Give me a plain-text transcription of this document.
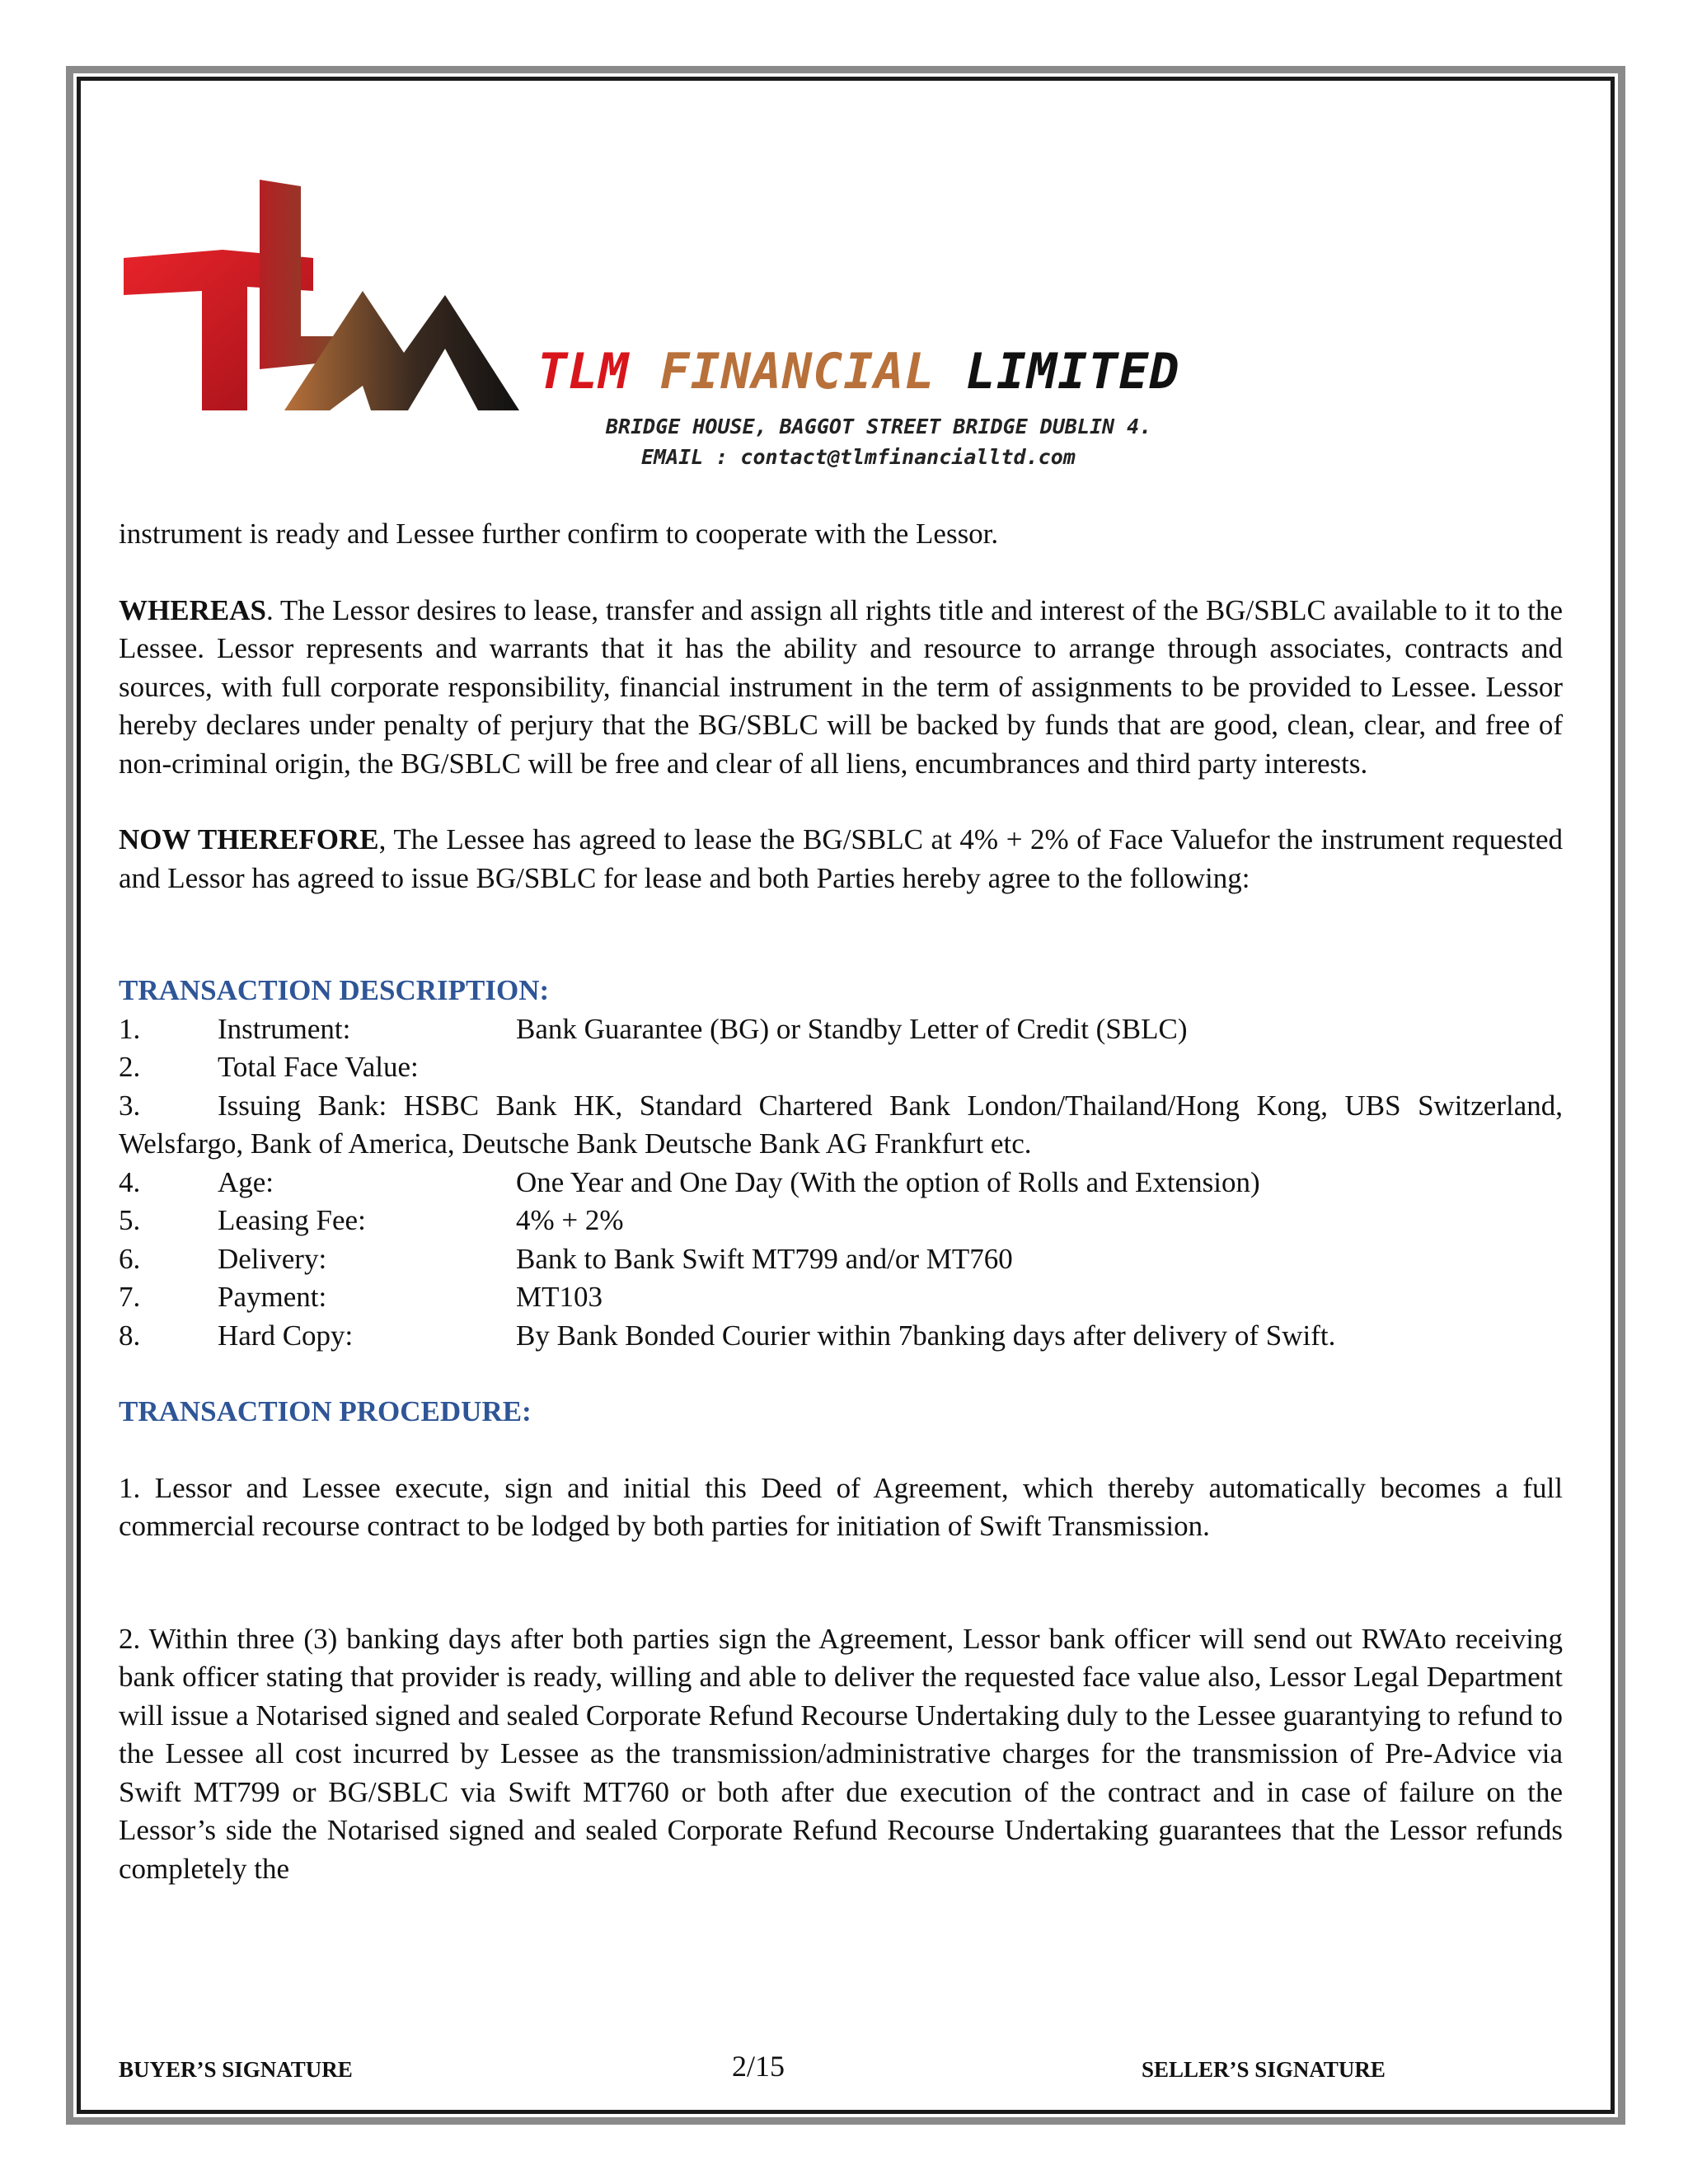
TLM FINANCIAL LIMITED
BRIDGE HOUSE, BAGGOT STREET BRIDGE DUBLIN 4.
EMAIL : contact@tlmfinancialltd.com

instrument is ready and Lessee further confirm to cooperate with the Lessor.

WHEREAS. The Lessor desires to lease, transfer and assign all rights title and interest of the BG/SBLC available to it to the Lessee. Lessor represents and warrants that it has the ability and resource to arrange through associates, contracts and sources, with full corporate responsibility, financial instrument in the term of assignments to be provided to Lessee. Lessor hereby declares under penalty of perjury that the BG/SBLC will be backed by funds that are good, clean, clear, and free of non-criminal origin, the BG/SBLC will be free and clear of all liens, encumbrances and third party interests.

NOW THEREFORE, The Lessee has agreed to lease the BG/SBLC at 4% + 2% of Face Valuefor the instrument requested and Lessor has agreed to issue BG/SBLC for lease and both Parties hereby agree to the following:

TRANSACTION DESCRIPTION:

1.	Instrument:	Bank Guarantee (BG) or Standby Letter of Credit (SBLC)
2.	Total Face Value:

3.	Issuing Bank: HSBC Bank HK, Standard Chartered Bank London/Thailand/Hong Kong, UBS Switzerland, Welsfargo, Bank of America, Deutsche Bank Deutsche Bank AG Frankfurt etc.

4.	Age:	One Year and One Day (With the option of Rolls and Extension)
5.	Leasing Fee:	4% + 2%
6.	Delivery:	Bank to Bank Swift MT799 and/or MT760
7.	Payment:	MT103
8.	Hard Copy:	By Bank Bonded Courier within 7banking days after delivery of Swift.

TRANSACTION PROCEDURE:

1. Lessor and Lessee execute, sign and initial this Deed of Agreement, which thereby automatically becomes a full commercial recourse contract to be lodged by both parties for initiation of Swift Transmission.

2. Within three (3) banking days after both parties sign the Agreement, Lessor bank officer will send out RWAto receiving bank officer stating that provider is ready, willing and able to deliver the requested face value also, Lessor Legal Department will issue a Notarised signed and sealed Corporate Refund Recourse Undertaking duly to the Lessee guarantying to refund to the Lessee all cost incurred by Lessee as the transmission/administrative charges for the transmission of Pre-Advice via Swift MT799 or BG/SBLC via Swift MT760 or both after due execution of the contract and in case of failure on the Lessor’s side the Notarised signed and sealed Corporate Refund Recourse Undertaking guarantees that the Lessor refunds completely the

BUYER’S SIGNATURE	2/15	SELLER’S SIGNATURE
